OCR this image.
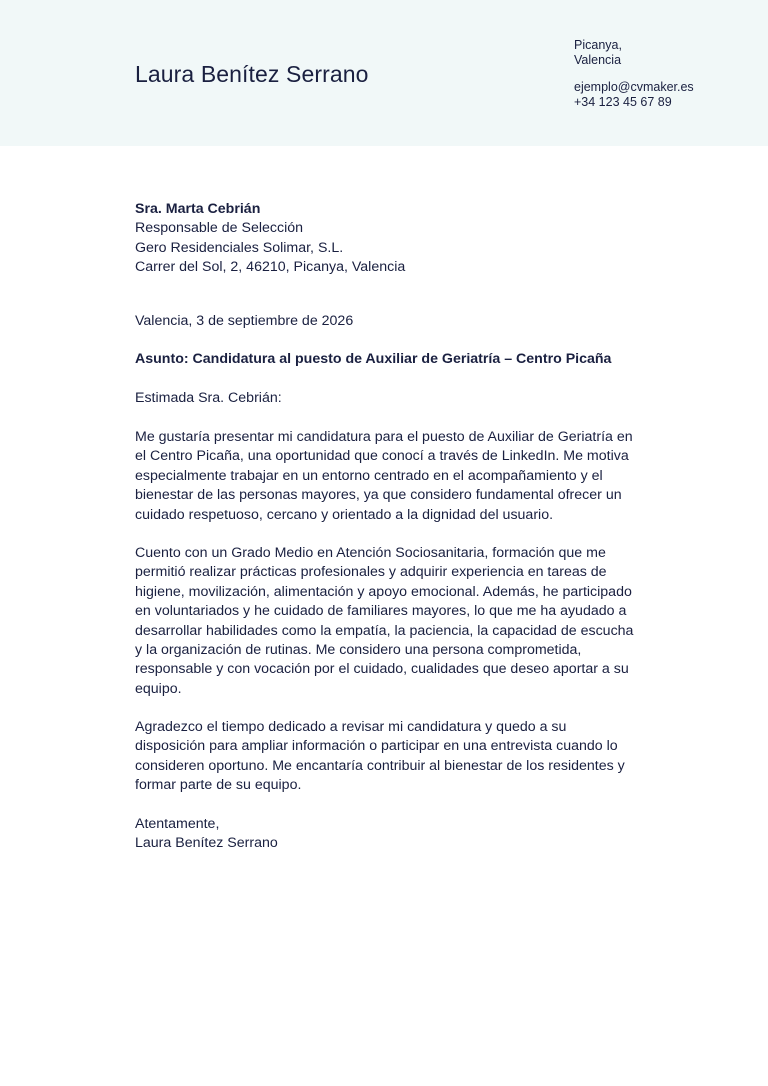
Laura Benítez Serrano
Picanya,
Valencia
ejemplo@cvmaker.es
+34 123 45 67 89

Sra. Marta Cebrián

Responsable de Selección

Gero Residenciales Solimar, S.L.

Carrer del Sol, 2, 46210, Picanya, Valencia

Valencia, 3 de septiembre de 2026
Asunto: Candidatura al puesto de Auxiliar de Geriatría – Centro Picaña
Estimada Sra. Cebrián:

Me gustaría presentar mi candidatura para el puesto de Auxiliar de Geriatría en el Centro Picaña, una oportunidad que conocí a través de LinkedIn. Me motiva especialmente trabajar en un entorno centrado en el acompañamiento y el bienestar de las personas mayores, ya que considero fundamental ofrecer un cuidado respetuoso, cercano y orientado a la dignidad del usuario.

Cuento con un Grado Medio en Atención Sociosanitaria, formación que me permitió realizar prácticas profesionales y adquirir experiencia en tareas de higiene, movilización, alimentación y apoyo emocional. Además, he participado en voluntariados y he cuidado de familiares mayores, lo que me ha ayudado a desarrollar habilidades como la empatía, la paciencia, la capacidad de escucha y la organización de rutinas. Me considero una persona comprometida, responsable y con vocación por el cuidado, cualidades que deseo aportar a su equipo.

Agradezco el tiempo dedicado a revisar mi candidatura y quedo a su disposición para ampliar información o participar en una entrevista cuando lo consideren oportuno. Me encantaría contribuir al bienestar de los residentes y formar parte de su equipo.

Atentamente,
Laura Benítez Serrano
